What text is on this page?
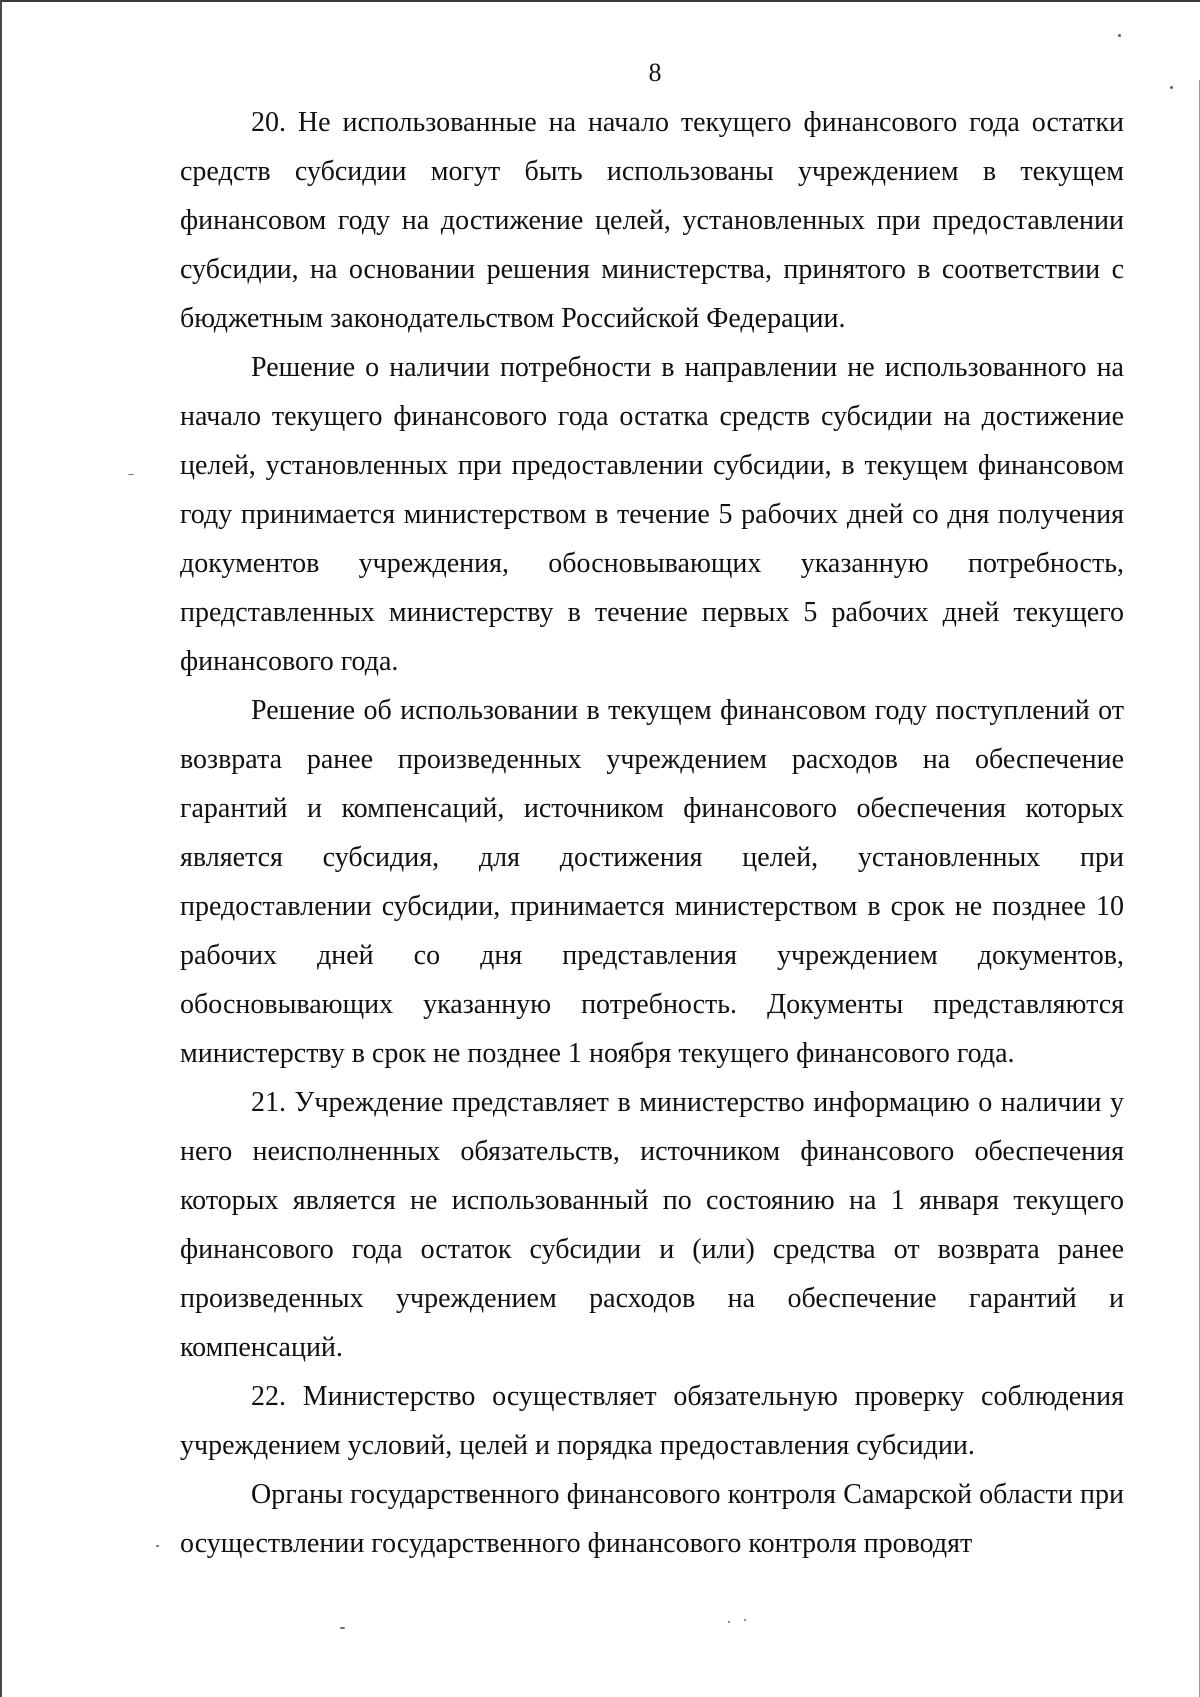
8

20. Не использованные на начало текущего финансового года остатки средств субсидии могут быть использованы учреждением в текущем финансовом году на достижение целей, установленных при предоставлении субсидии, на основании решения министерства, принятого в соответствии с бюджетным законодательством Российской Федерации.

Решение о наличии потребности в направлении не использованного на начало текущего финансового года остатка средств субсидии на достижение целей, установленных при предоставлении субсидии, в текущем финансовом году принимается министерством в течение 5 рабочих дней со дня получения документов учреждения, обосновывающих указанную потребность, представленных министерству в течение первых 5 рабочих дней текущего финансового года.

Решение об использовании в текущем финансовом году поступлений от возврата ранее произведенных учреждением расходов на обеспечение гарантий и компенсаций, источником финансового обеспечения которых является субсидия, для достижения целей, установленных при предоставлении субсидии, принимается министерством в срок не позднее 10 рабочих дней со дня представления учреждением документов, обосновывающих указанную потребность. Документы представляются министерству в срок не позднее 1 ноября текущего финансового года.

21. Учреждение представляет в министерство информацию о наличии у него неисполненных обязательств, источником финансового обеспечения которых является не использованный по состоянию на 1 января текущего финансового года остаток субсидии и (или) средства от возврата ранее произведенных учреждением расходов на обеспечение гарантий и компенсаций.

22. Министерство осуществляет обязательную проверку соблюдения учреждением условий, целей и порядка предоставления субсидии.

Органы государственного финансового контроля Самарской области при осуществлении государственного финансового контроля проводят
